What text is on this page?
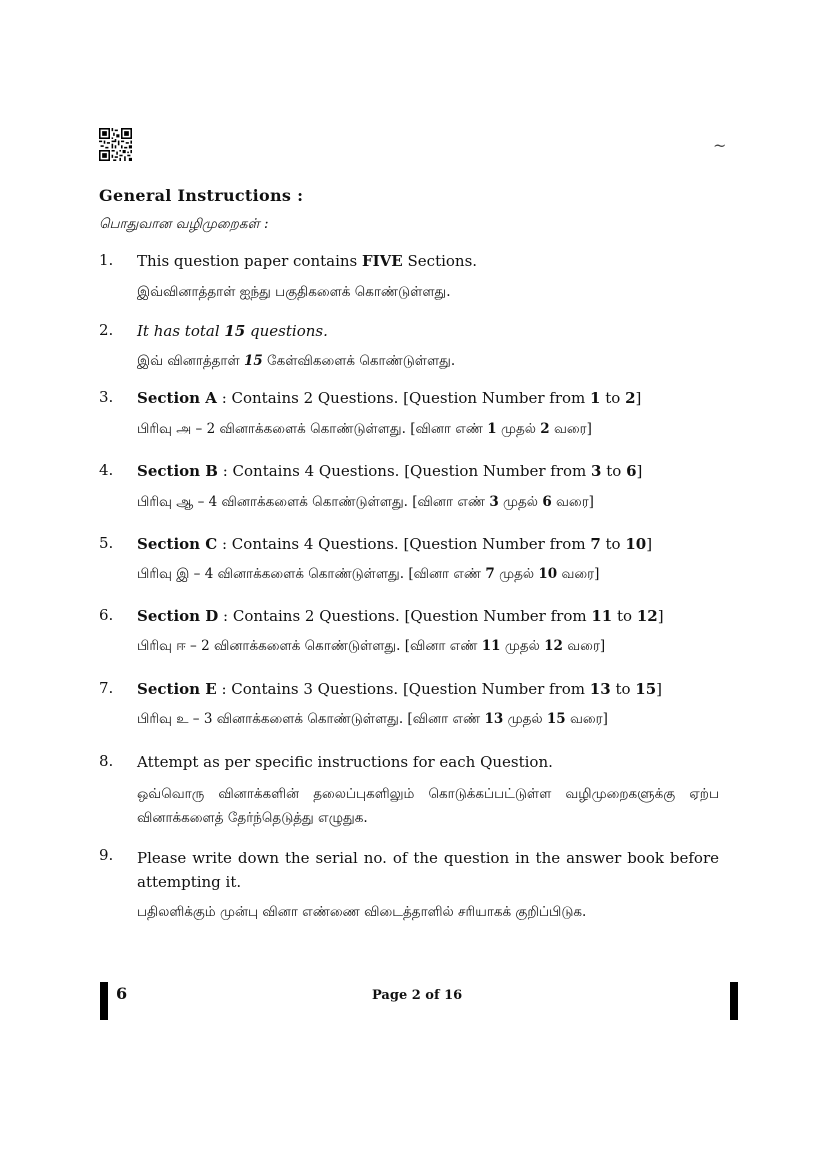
~
General Instructions :
பொதுவான வழிமுறைகள் :
1. This question paper contains FIVE Sections.
இவ்வினாத்தாள் ஐந்து பகுதிகளைக் கொண்டுள்ளது.
2. It has total 15 questions.
இவ் வினாத்தாள் 15 கேள்விகளைக் கொண்டுள்ளது.
3. Section A : Contains 2 Questions. [Question Number from 1 to 2]
பிரிவு அ – 2 வினாக்களைக் கொண்டுள்ளது. [வினா எண் 1 முதல் 2 வரை]
4. Section B : Contains 4 Questions. [Question Number from 3 to 6]
பிரிவு ஆ – 4 வினாக்களைக் கொண்டுள்ளது. [வினா எண் 3 முதல் 6 வரை]
5. Section C : Contains 4 Questions. [Question Number from 7 to 10]
பிரிவு இ – 4 வினாக்களைக் கொண்டுள்ளது. [வினா எண் 7 முதல் 10 வரை]
6. Section D : Contains 2 Questions. [Question Number from 11 to 12]
பிரிவு ஈ – 2 வினாக்களைக் கொண்டுள்ளது. [வினா எண் 11 முதல் 12 வரை]
7. Section E : Contains 3 Questions. [Question Number from 13 to 15]
பிரிவு உ – 3 வினாக்களைக் கொண்டுள்ளது. [வினா எண் 13 முதல் 15 வரை]
8. Attempt as per specific instructions for each Question.
ஒவ்வொரு வினாக்களின் தலைப்புகளிலும் கொடுக்கப்பட்டுள்ள வழிமுறைகளுக்கு ஏற்ப வினாக்களைத் தேர்ந்தெடுத்து எழுதுக.
9. Please write down the serial no. of the question in the answer book before attempting it.
பதிலளிக்கும் முன்பு வினா எண்ணை விடைத்தாளில் சரியாகக் குறிப்பிடுக.
6	Page 2 of 16
